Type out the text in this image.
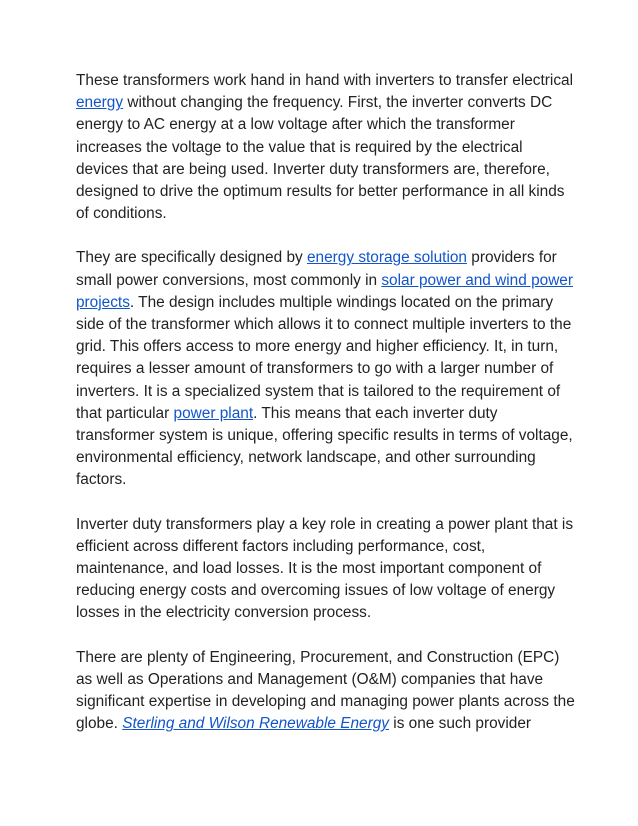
These transformers work hand in hand with inverters to transfer electrical energy without changing the frequency. First, the inverter converts DC energy to AC energy at a low voltage after which the transformer increases the voltage to the value that is required by the electrical devices that are being used. Inverter duty transformers are, therefore, designed to drive the optimum results for better performance in all kinds of conditions.

They are specifically designed by energy storage solution providers for small power conversions, most commonly in solar power and wind power projects. The design includes multiple windings located on the primary side of the transformer which allows it to connect multiple inverters to the grid. This offers access to more energy and higher efficiency. It, in turn, requires a lesser amount of transformers to go with a larger number of inverters. It is a specialized system that is tailored to the requirement of that particular power plant. This means that each inverter duty transformer system is unique, offering specific results in terms of voltage, environmental efficiency, network landscape, and other surrounding factors.

Inverter duty transformers play a key role in creating a power plant that is efficient across different factors including performance, cost, maintenance, and load losses. It is the most important component of reducing energy costs and overcoming issues of low voltage of energy losses in the electricity conversion process.

There are plenty of Engineering, Procurement, and Construction (EPC) as well as Operations and Management (O&M) companies that have significant expertise in developing and managing power plants across the globe. Sterling and Wilson Renewable Energy is one such provider
